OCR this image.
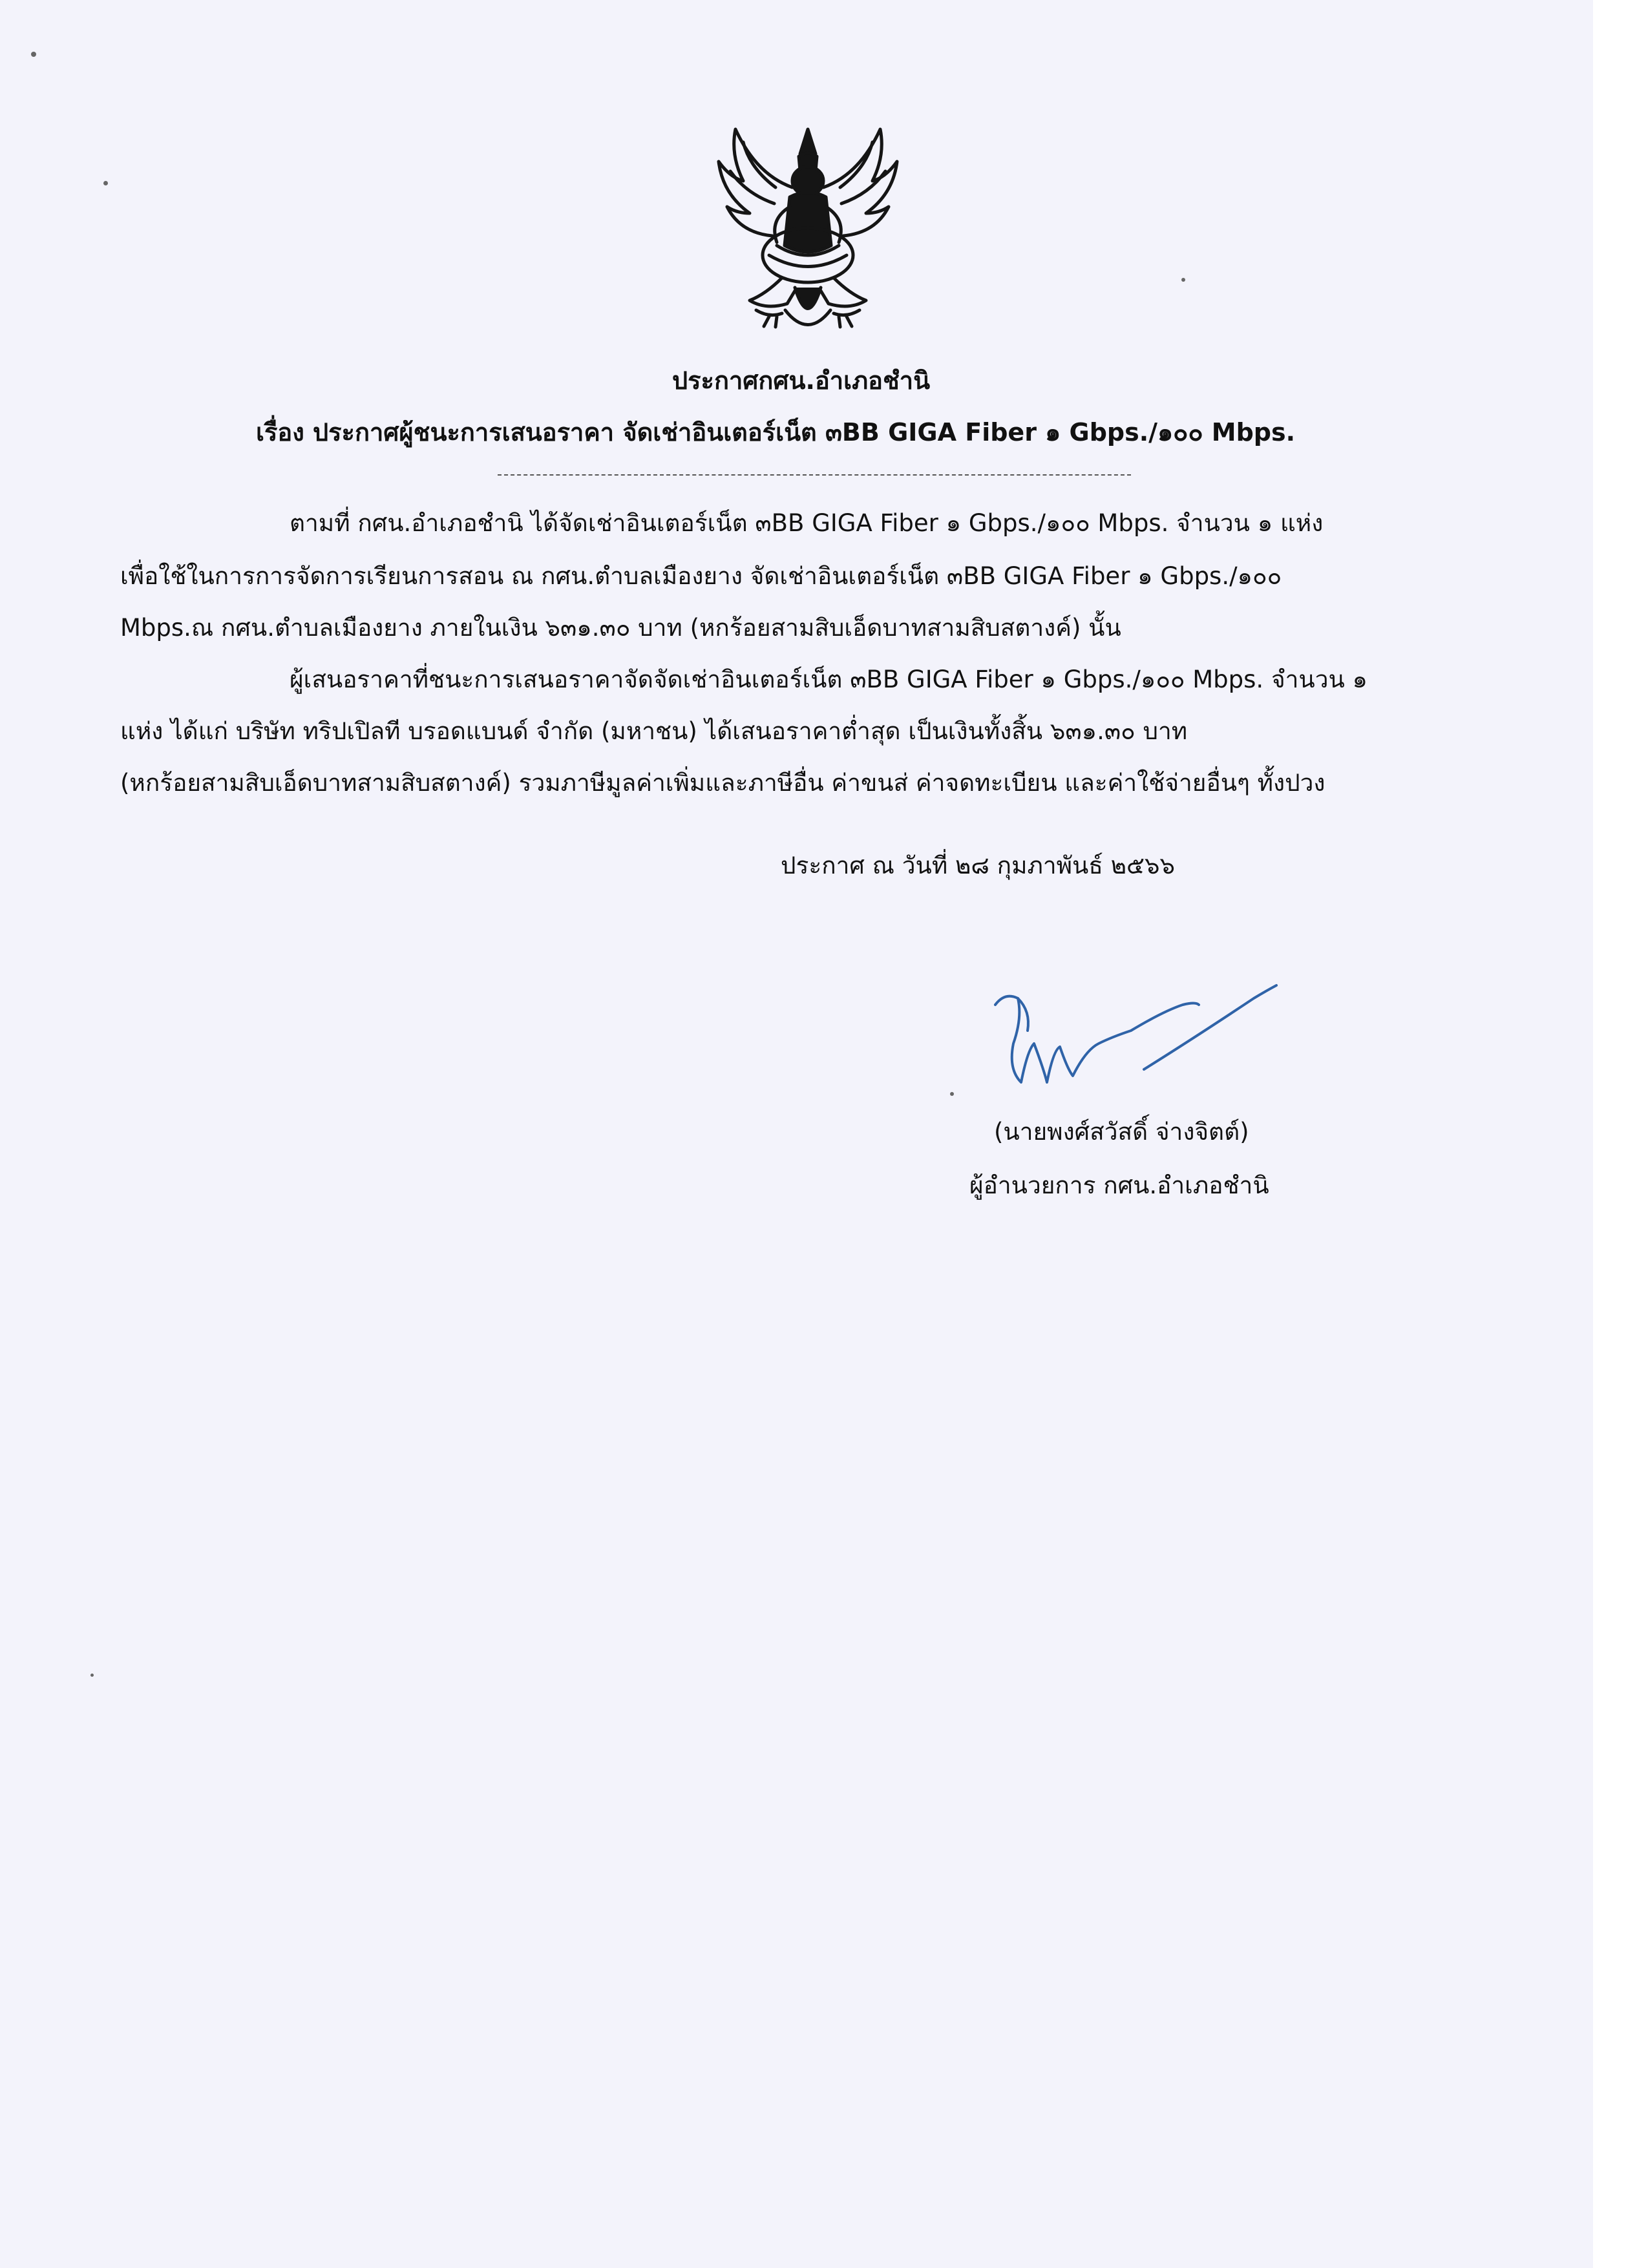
ประกาศกศน.อำเภอชำนิ
เรื่อง ประกาศผู้ชนะการเสนอราคา จัดเช่าอินเตอร์เน็ต ๓BB GIGA Fiber ๑ Gbps./๑๐๐ Mbps.
ตามที่ กศน.อำเภอชำนิ ได้จัดเช่าอินเตอร์เน็ต ๓BB GIGA Fiber ๑ Gbps./๑๐๐ Mbps. จำนวน ๑ แห่ง
เพื่อใช้ในการการจัดการเรียนการสอน ณ กศน.ตำบลเมืองยาง จัดเช่าอินเตอร์เน็ต ๓BB GIGA Fiber ๑ Gbps./๑๐๐
Mbps.ณ กศน.ตำบลเมืองยาง ภายในเงิน ๖๓๑.๓๐ บาท (หกร้อยสามสิบเอ็ดบาทสามสิบสตางค์) นั้น
ผู้เสนอราคาที่ชนะการเสนอราคาจัดจัดเช่าอินเตอร์เน็ต ๓BB GIGA Fiber ๑ Gbps./๑๐๐ Mbps. จำนวน ๑
แห่ง ได้แก่ บริษัท ทริปเปิลที บรอดแบนด์ จำกัด (มหาชน) ได้เสนอราคาต่ำสุด เป็นเงินทั้งสิ้น ๖๓๑.๓๐ บาท
(หกร้อยสามสิบเอ็ดบาทสามสิบสตางค์) รวมภาษีมูลค่าเพิ่มและภาษีอื่น ค่าขนส่ ค่าจดทะเบียน และค่าใช้จ่ายอื่นๆ ทั้งปวง
ประกาศ ณ วันที่ ๒๘ กุมภาพันธ์ ๒๕๖๖
(นายพงศ์สวัสดิ์ จ่างจิตต์)
ผู้อำนวยการ กศน.อำเภอชำนิ
